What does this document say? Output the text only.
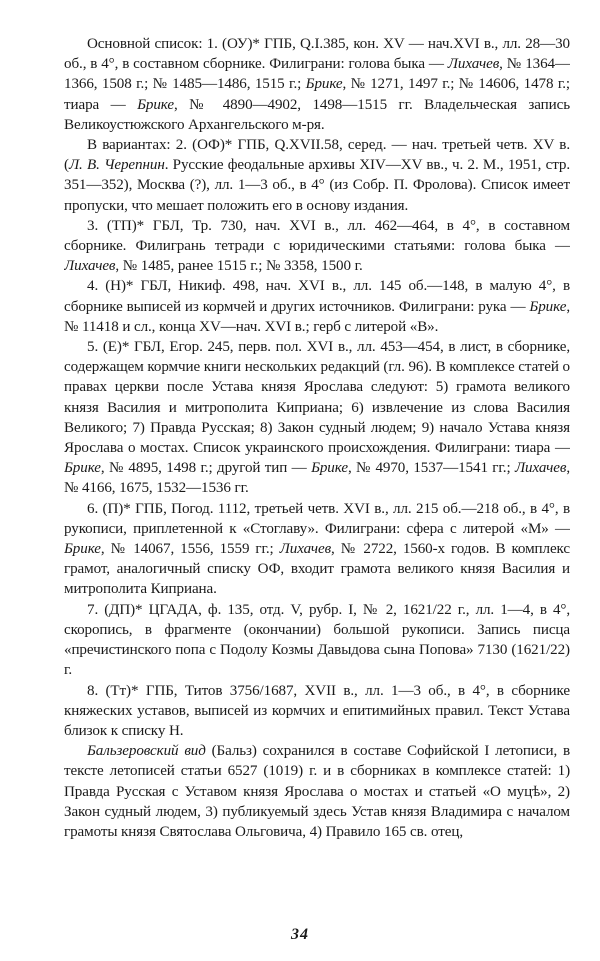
Основной список: 1. (ОУ)* ГПБ, Q.I.385, кон. XV — нач.XVI в., лл. 28—30 об., в 4°, в составном сборнике. Филиграни: голова быка — Лихачев, № 1364—1366, 1508 г.; № 1485—1486, 1515 г.; Брике, № 1271, 1497 г.; № 14606, 1478 г.; тиара — Брике, № 4890—4902, 1498—1515 гг. Владельческая запись Великоустюжского Архангельского м-ря.

В вариантах: 2. (ОФ)* ГПБ, Q.XVII.58, серед. — нач. третьей четв. XV в. (Л. В. Черепнин. Русские феодальные архивы XIV—XV вв., ч. 2. М., 1951, стр. 351—352), Москва (?), лл. 1—3 об., в 4° (из Собр. П. Фролова). Список имеет пропуски, что мешает положить его в основу издания.

3. (ТП)* ГБЛ, Тр. 730, нач. XVI в., лл. 462—464, в 4°, в составном сборнике. Филигрань тетради с юридическими статьями: голова быка — Лихачев, № 1485, ранее 1515 г.; № 3358, 1500 г.

4. (Н)* ГБЛ, Никиф. 498, нач. XVI в., лл. 145 об.—148, в малую 4°, в сборнике выписей из кормчей и других источников. Филиграни: рука — Брике, № 11418 и сл., конца XV—нач. XVI в.; герб с литерой «В».

5. (Е)* ГБЛ, Егор. 245, перв. пол. XVI в., лл. 453—454, в лист, в сборнике, содержащем кормчие книги нескольких редакций (гл. 96). В комплексе статей о правах церкви после Устава князя Ярослава следуют: 5) грамота великого князя Василия и митрополита Киприана; 6) извлечение из слова Василия Великого; 7) Правда Русская; 8) Закон судный людем; 9) начало Устава князя Ярослава о мостах. Список украинского происхождения. Филиграни: тиара — Брике, № 4895, 1498 г.; другой тип — Брике, № 4970, 1537—1541 гг.; Лихачев, № 4166, 1675, 1532—1536 гг.

6. (П)* ГПБ, Погод. 1112, третьей четв. XVI в., лл. 215 об.—218 об., в 4°, в рукописи, приплетенной к «Стоглаву». Филиграни: сфера с литерой «М» — Брике, № 14067, 1556, 1559 гг.; Лихачев, № 2722, 1560-х годов. В комплекс грамот, аналогичный списку ОФ, входит грамота великого князя Василия и митрополита Киприана.

7. (ДП)* ЦГАДА, ф. 135, отд. V, рубр. I, № 2, 1621/22 г., лл. 1—4, в 4°, скоропись, в фрагменте (окончании) большой рукописи. Запись писца «пречистинского попа с Подолу Козмы Давыдова сына Попова» 7130 (1621/22) г.

8. (Тт)* ГПБ, Титов 3756/1687, XVII в., лл. 1—3 об., в 4°, в сборнике княжеских уставов, выписей из кормчих и епитимийных правил. Текст Устава близок к списку Н.

Бальзеровский вид (Бальз) сохранился в составе Софийской I летописи, в тексте летописей статьи 6527 (1019) г. и в сборниках в комплексе статей: 1) Правда Русская с Уставом князя Ярослава о мостах и статьей «О муцѣ», 2) Закон судный людем, 3) публикуемый здесь Устав князя Владимира с началом грамоты князя Святослава Ольговича, 4) Правило 165 св. отец,

34
